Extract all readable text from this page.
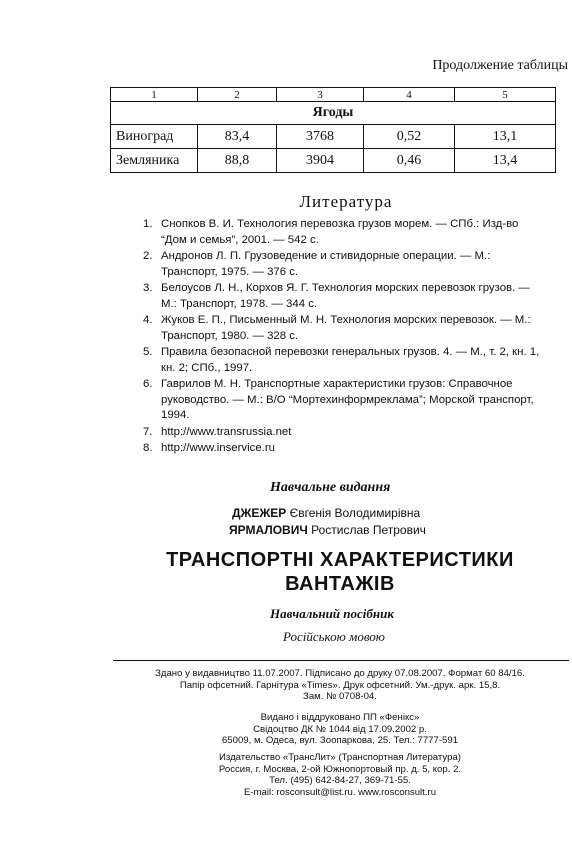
Продолжение таблицы
1	2	3	4	5
Ягоды				
Виноград	83,4	3768	0,52	13,1
Земляника	88,8	3904	0,46	13,4
Литература
1. Снопков В. И. Технология перевозка грузов морем. — СПб.: Изд-во “Дом и семья”, 2001. — 542 с.
2. Андронов Л. П. Грузоведение и стивидорные операции. — М.: Транспорт, 1975. — 376 с.
3. Белоусов Л. Н., Корхов Я. Г. Технология морских перевозок грузов. — М.: Транспорт, 1978. — 344 с.
4. Жуков Е. П., Письменный М. Н. Технология морских перевозок. — М.: Транспорт, 1980. — 328 с.
5. Правила безопасной перевозки генеральных грузов. 4. — М., т. 2, кн. 1, кн. 2; СПб., 1997.
6. Гаврилов М. Н. Транспортные характеристики грузов: Справочное руководство. — М.: В/О “Мортехинформреклама”; Морской транспорт, 1994.
7. http://www.transrussia.net
8. http://www.inservice.ru
Навчальне видання
ДЖЕЖЕР Євгенія Володимирівна
ЯРМАЛОВИЧ Ростислав Петрович
ТРАНСПОРТНІ ХАРАКТЕРИСТИКИ
ВАНТАЖІВ
Навчальний посібник
Російською мовою
Здано у видавництво 11.07.2007. Підписано до друку 07.08.2007. Формат 60 84/16.
Папір офсетний. Гарнітура «Times». Друк офсетний. Ум.-друк. арк. 15,8.
Зам. № 0708-04.
Видано і віддруковано ПП «Фенікс»
Свідоцтво ДК № 1044 від 17.09.2002 р.
65009, м. Одеса, вул. Зоопаркова, 25. Тел.: 7777-591
Издательство «ТрансЛит» (Транспортная Литература)
Россия, г. Москва, 2-ой Южнопортовый пр. д. 5, кор. 2.
Тел. (495) 642-84-27, 369-71-55.
E-mail: rosconsult@list.ru. www.rosconsult.ru
